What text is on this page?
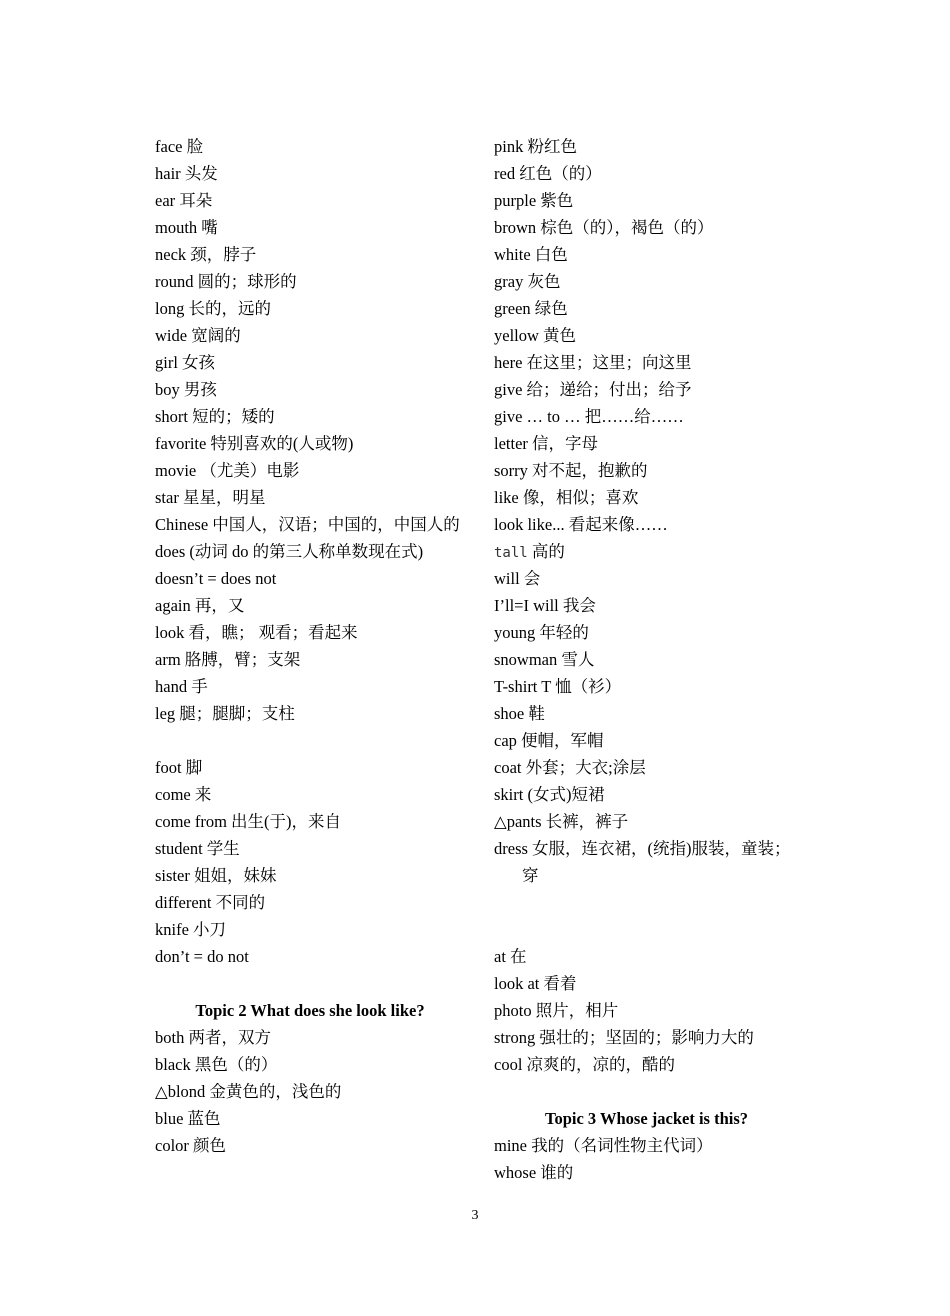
face 脸
hair 头发
ear 耳朵
mouth 嘴
neck 颈，脖子
round 圆的；球形的
long 长的，远的
wide 宽阔的
girl 女孩
boy 男孩
short 短的；矮的
favorite 特别喜欢的(人或物)
movie （尤美）电影
star 星星，明星
Chinese 中国人，汉语；中国的，中国人的
does (动词 do 的第三人称单数现在式)
doesn’t = does not
again 再，又
look 看，瞧； 观看；看起来
arm 胳膊，臂；支架
hand 手
leg 腿；腿脚；支柱
foot 脚
come 来
come from 出生(于)，来自
student 学生
sister 姐姐，妹妹
different 不同的
knife 小刀
don’t = do not
Topic 2 What does she look like?
both 两者，双方
black 黑色（的）
△blond 金黄色的，浅色的
blue 蓝色
color 颜色
pink 粉红色
red 红色（的）
purple 紫色
brown 棕色（的），褐色（的）
white 白色
gray 灰色
green 绿色
yellow 黄色
here 在这里；这里；向这里
give 给；递给；付出；给予
give … to … 把……给……
letter 信，字母
sorry 对不起，抱歉的
like 像，相似；喜欢
look like... 看起来像……
tall 高的
will 会
I’ll=I will 我会
young 年轻的
snowman 雪人
T-shirt T 恤（衫）
shoe 鞋
cap 便帽，军帽
coat 外套；大衣;涂层
skirt (女式)短裙
△pants 长裤，裤子
dress 女服，连衣裙，(统指)服装，童装；穿
at 在
look at 看着
photo 照片，相片
strong 强壮的；坚固的；影响力大的
cool 凉爽的，凉的，酷的
Topic 3 Whose jacket is this?
mine 我的（名词性物主代词）
whose 谁的
3
